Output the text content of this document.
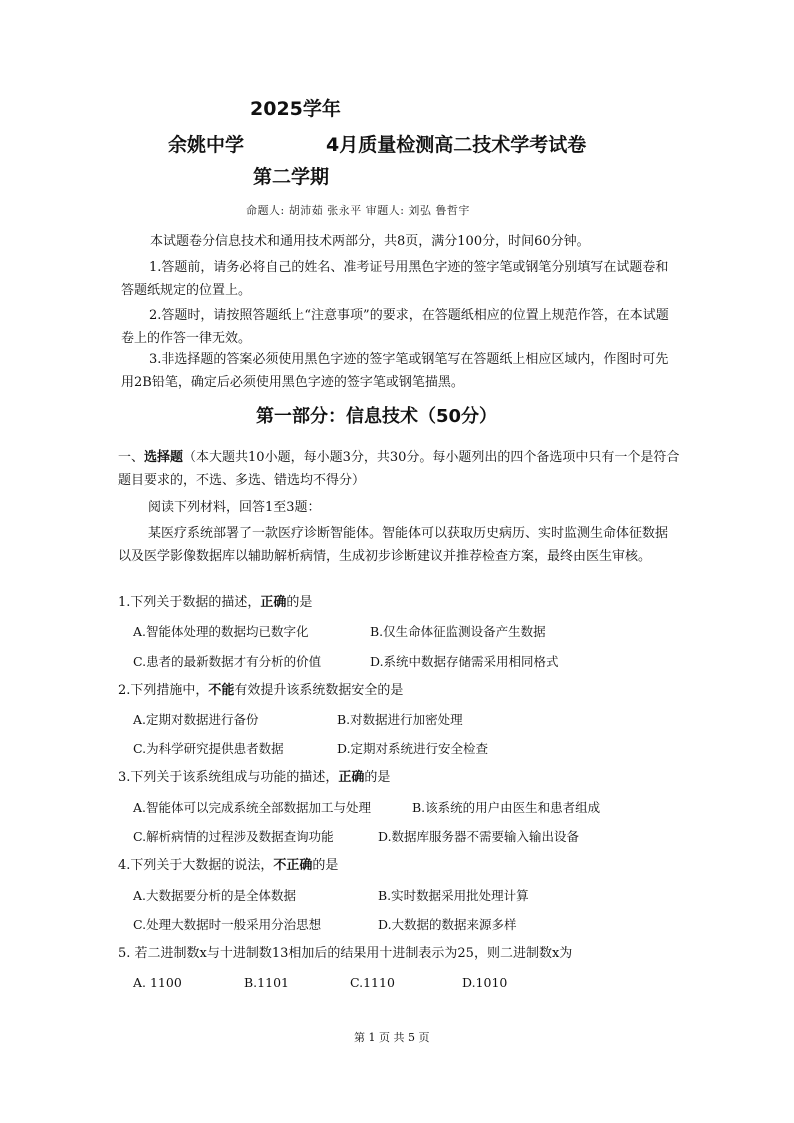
2025学年
余姚中学	4月质量检测高二技术学考试卷
第二学期
命题人: 胡沛茹 张永平 审题人: 刘弘 鲁哲宇
本试题卷分信息技术和通用技术两部分，共8页，满分100分，时间60分钟。
1.答题前，请务必将自己的姓名、准考证号用黑色字迹的签字笔或钢笔分别填写在试题卷和答题纸规定的位置上。
2.答题时，请按照答题纸上“注意事项”的要求，在答题纸相应的位置上规范作答，在本试题卷上的作答一律无效。
3.非选择题的答案必须使用黑色字迹的签字笔或钢笔写在答题纸上相应区域内，作图时可先用2B铅笔，确定后必须使用黑色字迹的签字笔或钢笔描黑。
第一部分：信息技术（50分）
一、选择题（本大题共10小题，每小题3分，共30分。每小题列出的四个备选项中只有一个是符合题目要求的，不选、多选、错选均不得分）
阅读下列材料，回答1至3题：
某医疗系统部署了一款医疗诊断智能体。智能体可以获取历史病历、实时监测生命体征数据以及医学影像数据库以辅助解析病情，生成初步诊断建议并推荐检查方案，最终由医生审核。
1.下列关于数据的描述，正确的是
A.智能体处理的数据均已数字化	B.仅生命体征监测设备产生数据
C.患者的最新数据才有分析的价值	D.系统中数据存储需采用相同格式
2.下列措施中，不能有效提升该系统数据安全的是
A.定期对数据进行备份	B.对数据进行加密处理
C.为科学研究提供患者数据	D.定期对系统进行安全检查
3.下列关于该系统组成与功能的描述，正确的是
A.智能体可以完成系统全部数据加工与处理	B.该系统的用户由医生和患者组成
C.解析病情的过程涉及数据查询功能	D.数据库服务器不需要输入输出设备
4.下列关于大数据的说法，不正确的是
A.大数据要分析的是全体数据	B.实时数据采用批处理计算
C.处理大数据时一般采用分治思想	D.大数据的数据来源多样
5. 若二进制数x与十进制数13相加后的结果用十进制表示为25，则二进制数x为
A. 1100	B.1101	C.1110	D.1010
第 1 页 共 5 页
